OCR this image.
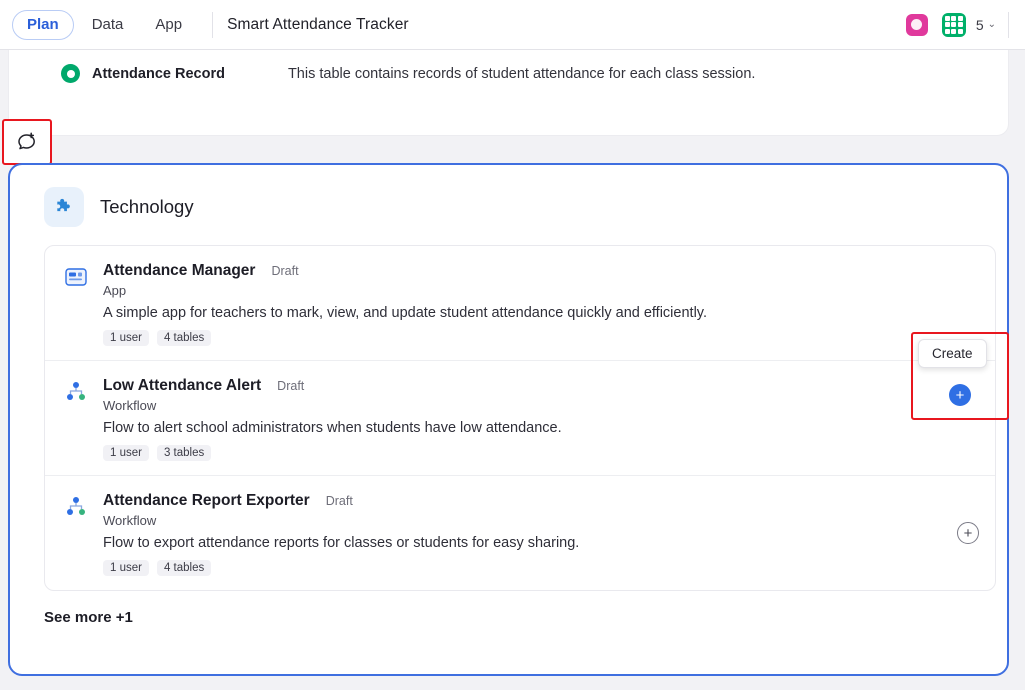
Plan	Data	App	Smart Attendance Tracker	5 ⌄
Attendance Record	This table contains records of student attendance for each class session.
Technology
Attendance Manager Draft
App
A simple app for teachers to mark, view, and update student attendance quickly and efficiently.
1 user	4 tables
Low Attendance Alert Draft
Workflow
Flow to alert school administrators when students have low attendance.
1 user	3 tables
Attendance Report Exporter Draft
Workflow
Flow to export attendance reports for classes or students for easy sharing.
1 user	4 tables
+
See more +1
Create
+
